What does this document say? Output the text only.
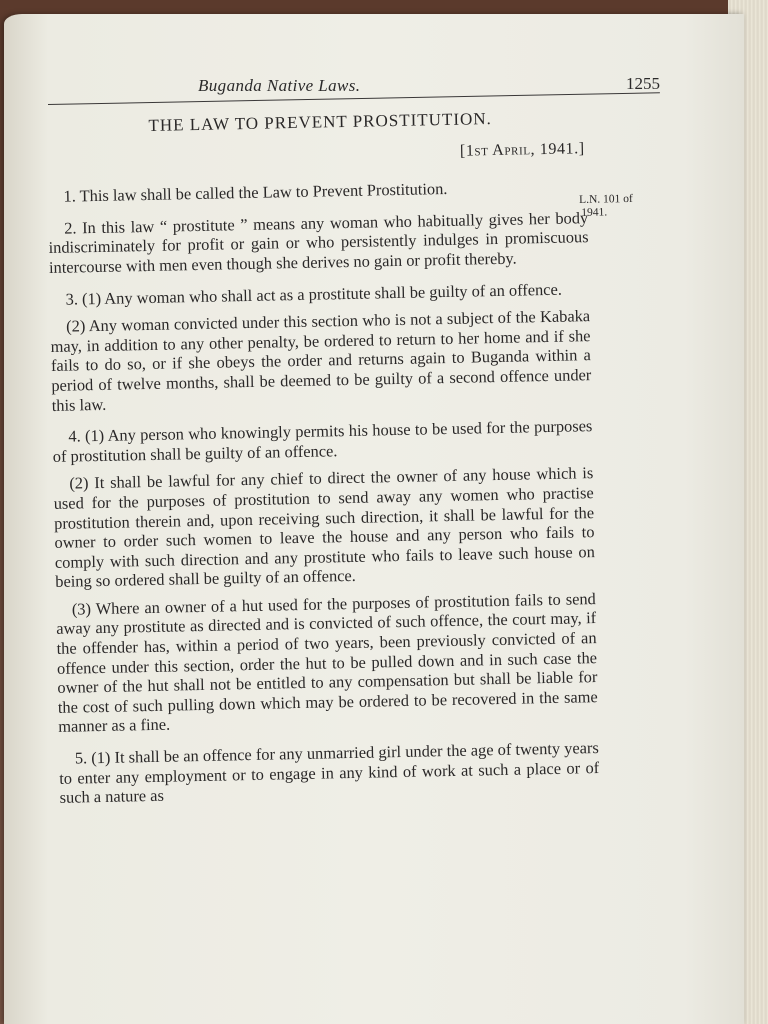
Buganda Native Laws.	1255
L.N. 101 of
1941.
THE LAW TO PREVENT PROSTITUTION.
[1st April, 1941.]

1. This law shall be called the Law to Prevent Prostitution.

2. In this law “ prostitute ” means any woman who habitually gives her body indiscriminately for profit or gain or who persistently indulges in promiscuous intercourse with men even though she derives no gain or profit thereby.

3. (1) Any woman who shall act as a prostitute shall be guilty of an offence.

(2) Any woman convicted under this section who is not a subject of the Kabaka may, in addition to any other penalty, be ordered to return to her home and if she fails to do so, or if she obeys the order and returns again to Buganda within a period of twelve months, shall be deemed to be guilty of a second offence under this law.

4. (1) Any person who knowingly permits his house to be used for the purposes of prostitution shall be guilty of an offence.

(2) It shall be lawful for any chief to direct the owner of any house which is used for the purposes of prostitution to send away any women who practise prostitution therein and, upon receiving such direction, it shall be lawful for the owner to order such women to leave the house and any person who fails to comply with such direction and any prostitute who fails to leave such house on being so ordered shall be guilty of an offence.

(3) Where an owner of a hut used for the purposes of prostitution fails to send away any prostitute as directed and is convicted of such offence, the court may, if the offender has, within a period of two years, been previously convicted of an offence under this section, order the hut to be pulled down and in such case the owner of the hut shall not be entitled to any compensation but shall be liable for the cost of such pulling down which may be ordered to be recovered in the same manner as a fine.

5. (1) It shall be an offence for any unmarried girl under the age of twenty years to enter any employment or to engage in any kind of work at such a place or of such a nature as
